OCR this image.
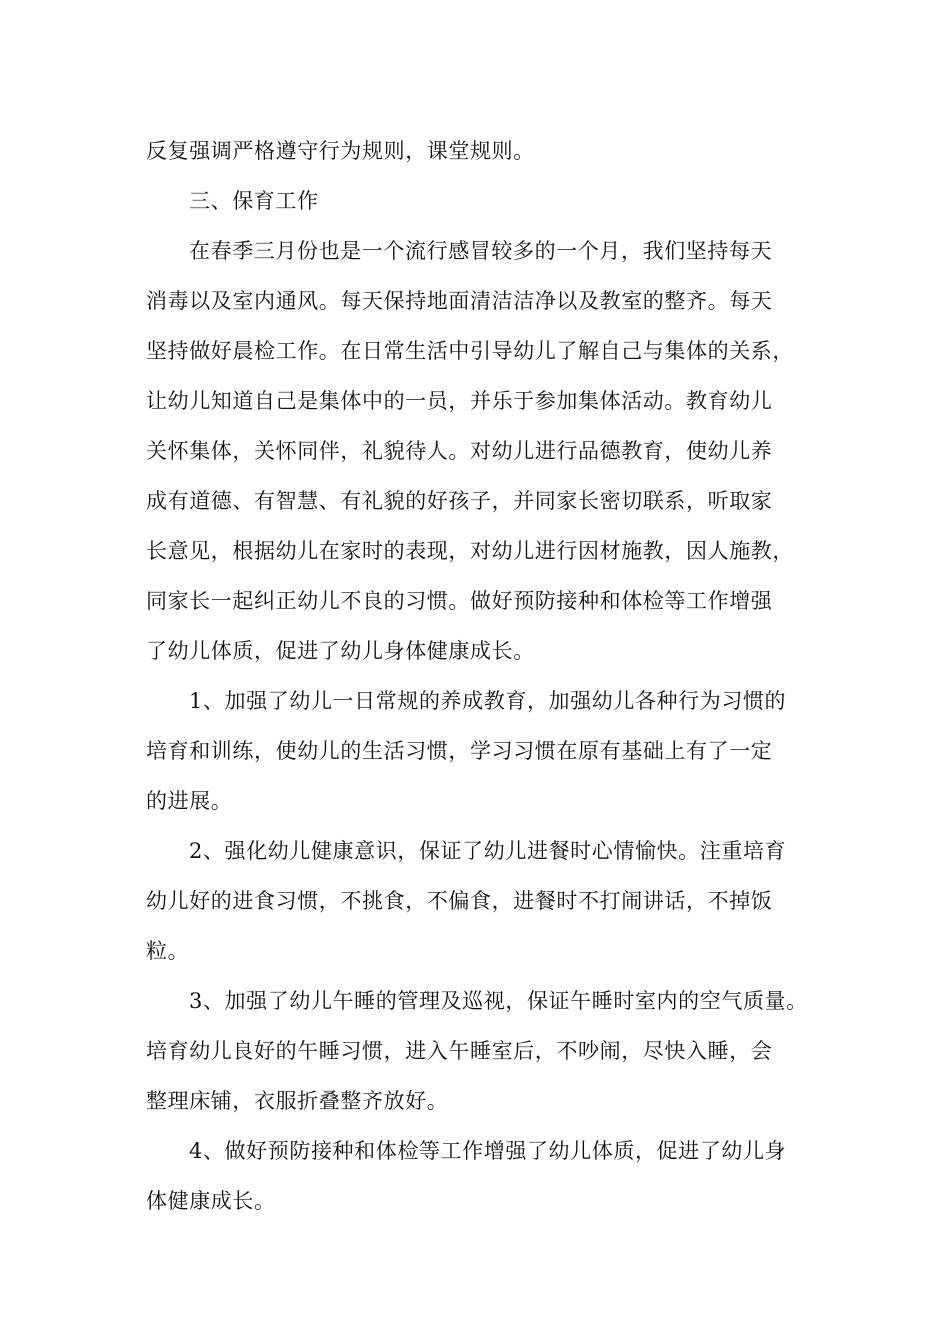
反复强调严格遵守行为规则，课堂规则。
三、保育工作
在春季三月份也是一个流行感冒较多的一个月，我们坚持每天
消毒以及室内通风。每天保持地面清洁洁净以及教室的整齐。每天
坚持做好晨检工作。在日常生活中引导幼儿了解自己与集体的关系，
让幼儿知道自己是集体中的一员，并乐于参加集体活动。教育幼儿
关怀集体，关怀同伴，礼貌待人。对幼儿进行品德教育，使幼儿养
成有道德、有智慧、有礼貌的好孩子，并同家长密切联系，听取家
长意见，根据幼儿在家时的表现，对幼儿进行因材施教，因人施教，
同家长一起纠正幼儿不良的习惯。做好预防接种和体检等工作增强
了幼儿体质，促进了幼儿身体健康成长。
1、加强了幼儿一日常规的养成教育，加强幼儿各种行为习惯的
培育和训练，使幼儿的生活习惯，学习习惯在原有基础上有了一定
的进展。
2、强化幼儿健康意识，保证了幼儿进餐时心情愉快。注重培育
幼儿好的进食习惯，不挑食，不偏食，进餐时不打闹讲话，不掉饭
粒。
3、加强了幼儿午睡的管理及巡视，保证午睡时室内的空气质量。
培育幼儿良好的午睡习惯，进入午睡室后，不吵闹，尽快入睡，会
整理床铺，衣服折叠整齐放好。
4、做好预防接种和体检等工作增强了幼儿体质，促进了幼儿身
体健康成长。
